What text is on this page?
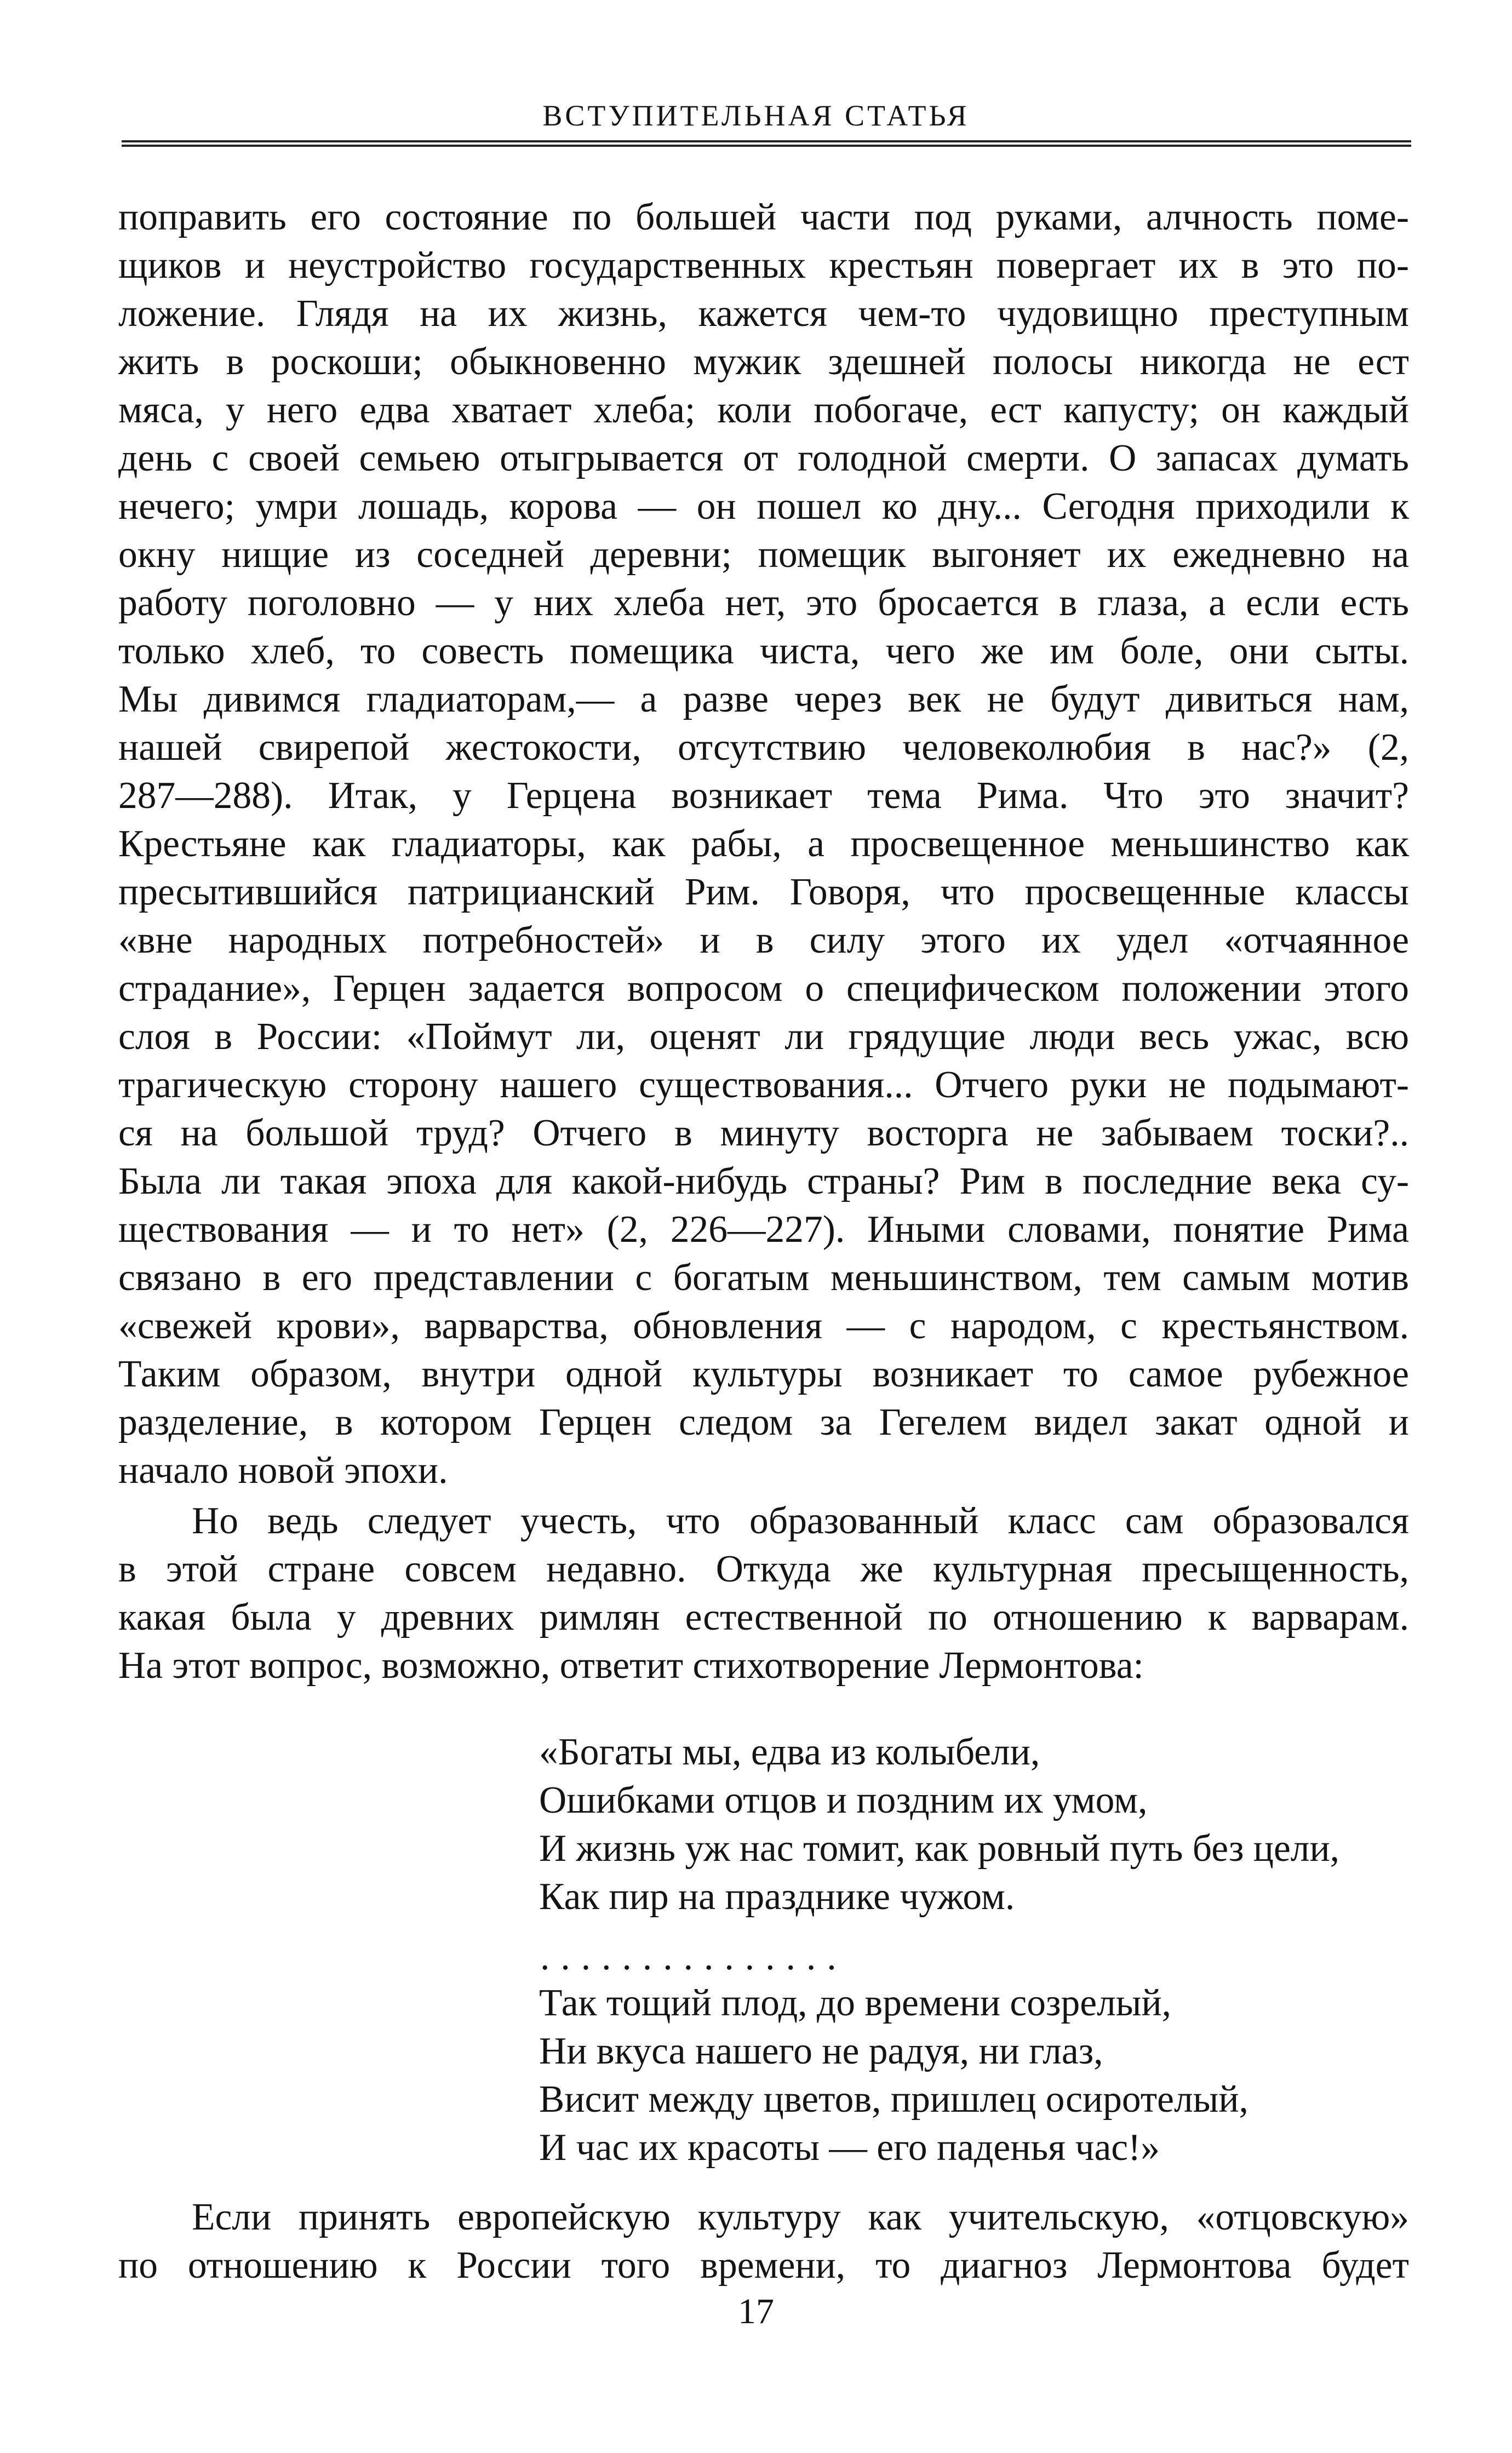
ВСТУПИТЕЛЬНАЯ СТАТЬЯ
поправить его состояние по большей части под руками, алчность поме-
щиков и неустройство государственных крестьян повергает их в это по-
ложение. Глядя на их жизнь, кажется чем-то чудовищно преступным
жить в роскоши; обыкновенно мужик здешней полосы никогда не ест
мяса, у него едва хватает хлеба; коли побогаче, ест капусту; он каждый
день с своей семьею отыгрывается от голодной смерти. О запасах думать
нечего; умри лошадь, корова — он пошел ко дну... Сегодня приходили к
окну нищие из соседней деревни; помещик выгоняет их ежедневно на
работу поголовно — у них хлеба нет, это бросается в глаза, а если есть
только хлеб, то совесть помещика чиста, чего же им боле, они сыты.
Мы дивимся гладиаторам,— а разве через век не будут дивиться нам,
нашей свирепой жестокости, отсутствию человеколюбия в нас?» (2,
287—288). Итак, у Герцена возникает тема Рима. Что это значит?
Крестьяне как гладиаторы, как рабы, а просвещенное меньшинство как
пресытившийся патрицианский Рим. Говоря, что просвещенные классы
«вне народных потребностей» и в силу этого их удел «отчаянное
страдание», Герцен задается вопросом о специфическом положении этого
слоя в России: «Поймут ли, оценят ли грядущие люди весь ужас, всю
трагическую сторону нашего существования... Отчего руки не подымают-
ся на большой труд? Отчего в минуту восторга не забываем тоски?..
Была ли такая эпоха для какой-нибудь страны? Рим в последние века су-
ществования — и то нет» (2, 226—227). Иными словами, понятие Рима
связано в его представлении с богатым меньшинством, тем самым мотив
«свежей крови», варварства, обновления — с народом, с крестьянством.
Таким образом, внутри одной культуры возникает то самое рубежное
разделение, в котором Герцен следом за Гегелем видел закат одной и
начало новой эпохи.
Но ведь следует учесть, что образованный класс сам образовался
в этой стране совсем недавно. Откуда же культурная пресыщенность,
какая была у древних римлян естественной по отношению к варварам.
На этот вопрос, возможно, ответит стихотворение Лермонтова:
«Богаты мы, едва из колыбели,
Ошибками отцов и поздним их умом,
И жизнь уж нас томит, как ровный путь без цели,
Как пир на празднике чужом.
...............
Так тощий плод, до времени созрелый,
Ни вкуса нашего не радуя, ни глаз,
Висит между цветов, пришлец осиротелый,
И час их красоты — его паденья час!»
Если принять европейскую культуру как учительскую, «отцовскую»
по отношению к России того времени, то диагноз Лермонтова будет
17
